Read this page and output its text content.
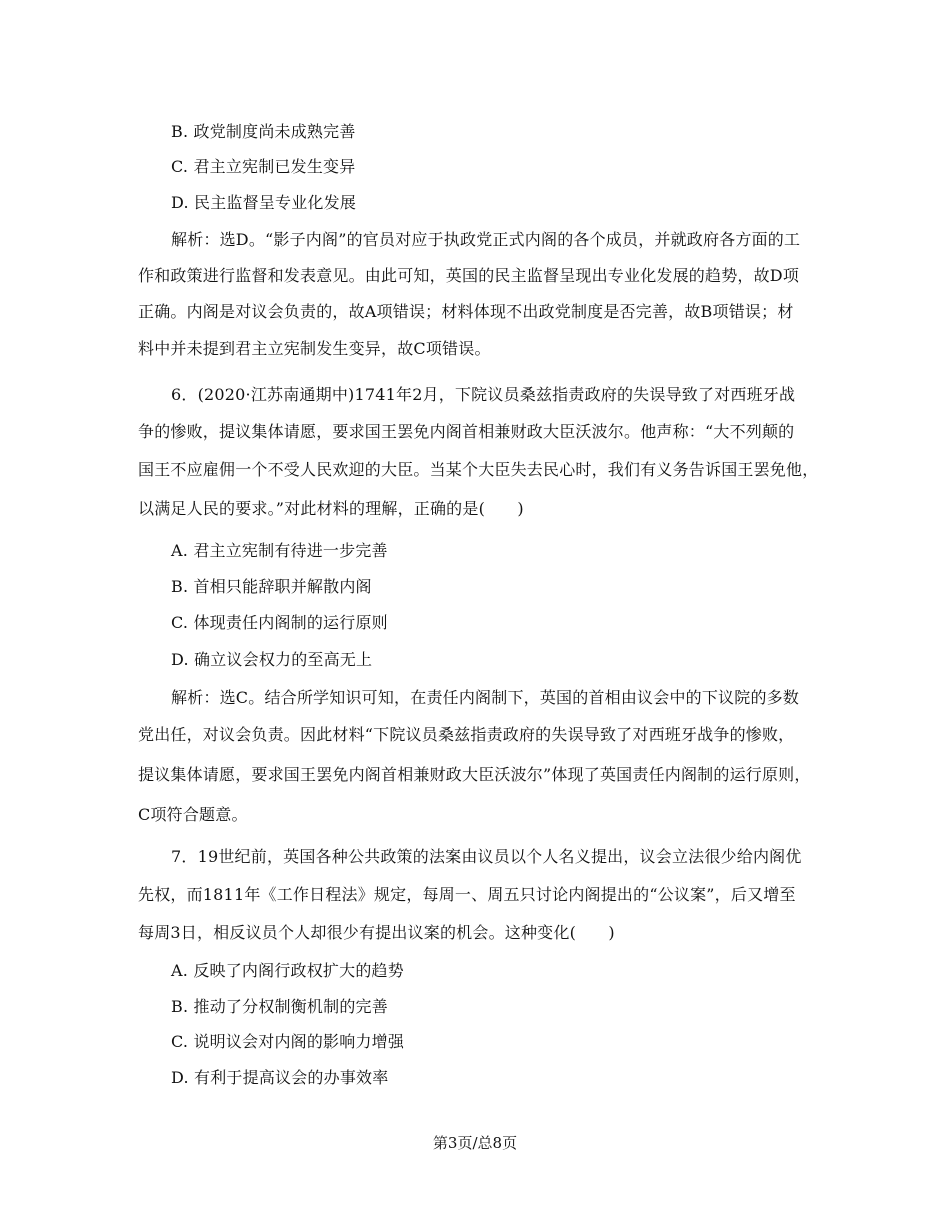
B. 政党制度尚未成熟完善
C. 君主立宪制已发生变异
D. 民主监督呈专业化发展
解析：选D。“影子内阁”的官员对应于执政党正式内阁的各个成员，并就政府各方面的工
作和政策进行监督和发表意见。由此可知，英国的民主监督呈现出专业化发展的趋势，故D项
正确。内阁是对议会负责的，故A项错误；材料体现不出政党制度是否完善，故B项错误；材
料中并未提到君主立宪制发生变异，故C项错误。
6．(2020·江苏南通期中)1741年2月，下院议员桑兹指责政府的失误导致了对西班牙战
争的惨败，提议集体请愿，要求国王罢免内阁首相兼财政大臣沃波尔。他声称：“大不列颠的
国王不应雇佣一个不受人民欢迎的大臣。当某个大臣失去民心时，我们有义务告诉国王罢免他，
以满足人民的要求。”对此材料的理解，正确的是(　　)
A. 君主立宪制有待进一步完善
B. 首相只能辞职并解散内阁
C. 体现责任内阁制的运行原则
D. 确立议会权力的至高无上
解析：选C。结合所学知识可知，在责任内阁制下，英国的首相由议会中的下议院的多数
党出任，对议会负责。因此材料“下院议员桑兹指责政府的失误导致了对西班牙战争的惨败，
提议集体请愿，要求国王罢免内阁首相兼财政大臣沃波尔”体现了英国责任内阁制的运行原则，
C项符合题意。
7．19世纪前，英国各种公共政策的法案由议员以个人名义提出，议会立法很少给内阁优
先权，而1811年《工作日程法》规定，每周一、周五只讨论内阁提出的“公议案”，后又增至
每周3日，相反议员个人却很少有提出议案的机会。这种变化(　　)
A. 反映了内阁行政权扩大的趋势
B. 推动了分权制衡机制的完善
C. 说明议会对内阁的影响力增强
D. 有利于提高议会的办事效率
第3页/总8页
